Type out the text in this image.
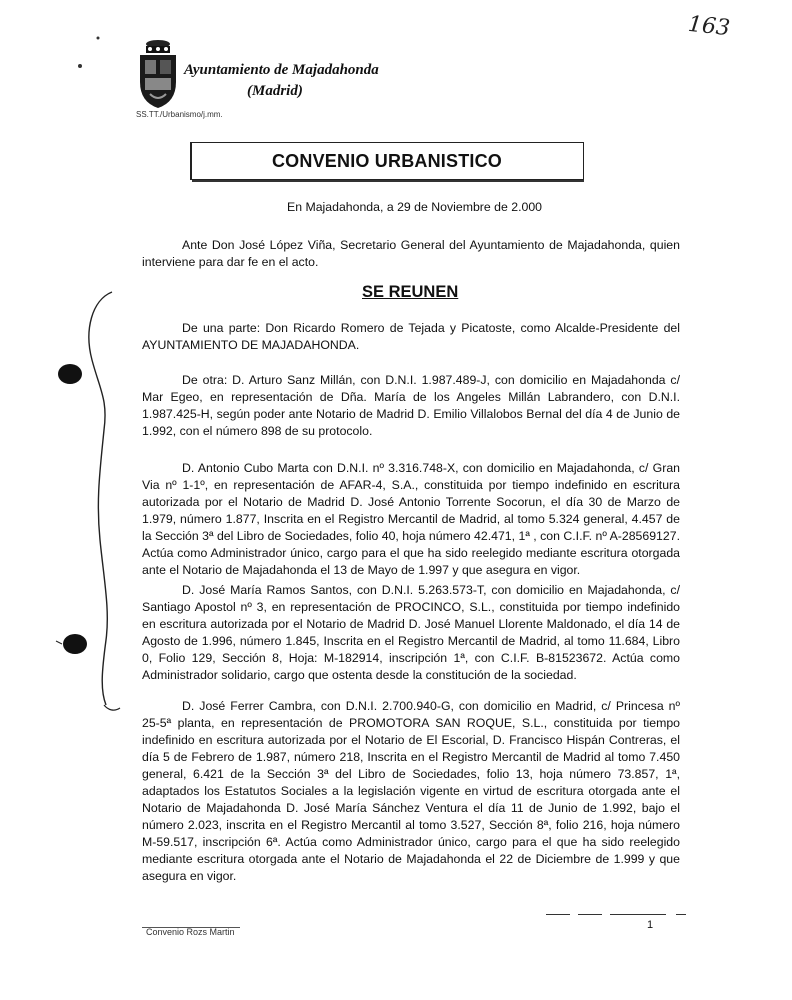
163
Ayuntamiento de Majadahonda
(Madrid)
SS.TT./Urbanismo/j.mm.
CONVENIO URBANISTICO
En Majadahonda, a 29 de Noviembre de 2.000

Ante Don José López Viña, Secretario General del Ayuntamiento de Majadahonda, quien interviene para dar fe en el acto.

SE REUNEN

De una parte: Don Ricardo Romero de Tejada y Picatoste, como Alcalde-Presidente del AYUNTAMIENTO DE MAJADAHONDA.

De otra: D. Arturo Sanz Millán, con D.N.I. 1.987.489-J, con domicilio en Majadahonda c/ Mar Egeo, en representación de Dña. María de los Angeles Millán Labrandero, con D.N.I. 1.987.425-H, según poder ante Notario de Madrid D. Emilio Villalobos Bernal del día 4 de Junio de 1.992, con el número 898 de su protocolo.

D. Antonio Cubo Marta con D.N.I. nº 3.316.748-X, con domicilio en Majadahonda, c/ Gran Via nº 1-1º, en representación de AFAR-4, S.A., constituida por tiempo indefinido en escritura autorizada por el Notario de Madrid D. José Antonio Torrente Socorun, el día 30 de Marzo de 1.979, número 1.877, Inscrita en el Registro Mercantil de Madrid, al tomo 5.324 general, 4.457 de la Sección 3ª del Libro de Sociedades, folio 40, hoja número 42.471, 1ª , con C.I.F. nº A-28569127. Actúa como Administrador único, cargo para el que ha sido reelegido mediante escritura otorgada ante el Notario de Majadahonda el 13 de Mayo de 1.997 y que asegura en vigor.

D. José María Ramos Santos, con D.N.I. 5.263.573-T, con domicilio en Majadahonda, c/ Santiago Apostol nº 3, en representación de PROCINCO, S.L., constituida por tiempo indefinido en escritura autorizada por el Notario de Madrid D. José Manuel Llorente Maldonado, el día 14 de Agosto de 1.996, número 1.845, Inscrita en el Registro Mercantil de Madrid, al tomo 11.684, Libro 0, Folio 129, Sección 8, Hoja: M-182914, inscripción 1ª, con C.I.F. B-81523672. Actúa como Administrador solidario, cargo que ostenta desde la constitución de la sociedad.

D. José Ferrer Cambra, con D.N.I. 2.700.940-G, con domicilio en Madrid, c/ Princesa nº 25-5ª planta, en representación de PROMOTORA SAN ROQUE, S.L., constituida por tiempo indefinido en escritura autorizada por el Notario de El Escorial, D. Francisco Hispán Contreras, el día 5 de Febrero de 1.987, número 218, Inscrita en el Registro Mercantil de Madrid al tomo 7.450 general, 6.421 de la Sección 3ª del Libro de Sociedades, folio 13, hoja número 73.857, 1ª, adaptados los Estatutos Sociales a la legislación vigente en virtud de escritura otorgada ante el Notario de Majadahonda D. José María Sánchez Ventura el día 11 de Junio de 1.992, bajo el número 2.023, inscrita en el Registro Mercantil al tomo 3.527, Sección 8ª, folio 216, hoja número M-59.517, inscripción 6ª. Actúa como Administrador único, cargo para el que ha sido reelegido mediante escritura otorgada ante el Notario de Majadahonda el 22 de Diciembre de 1.999 y que asegura en vigor.

Convenio Rozs Martin
1
